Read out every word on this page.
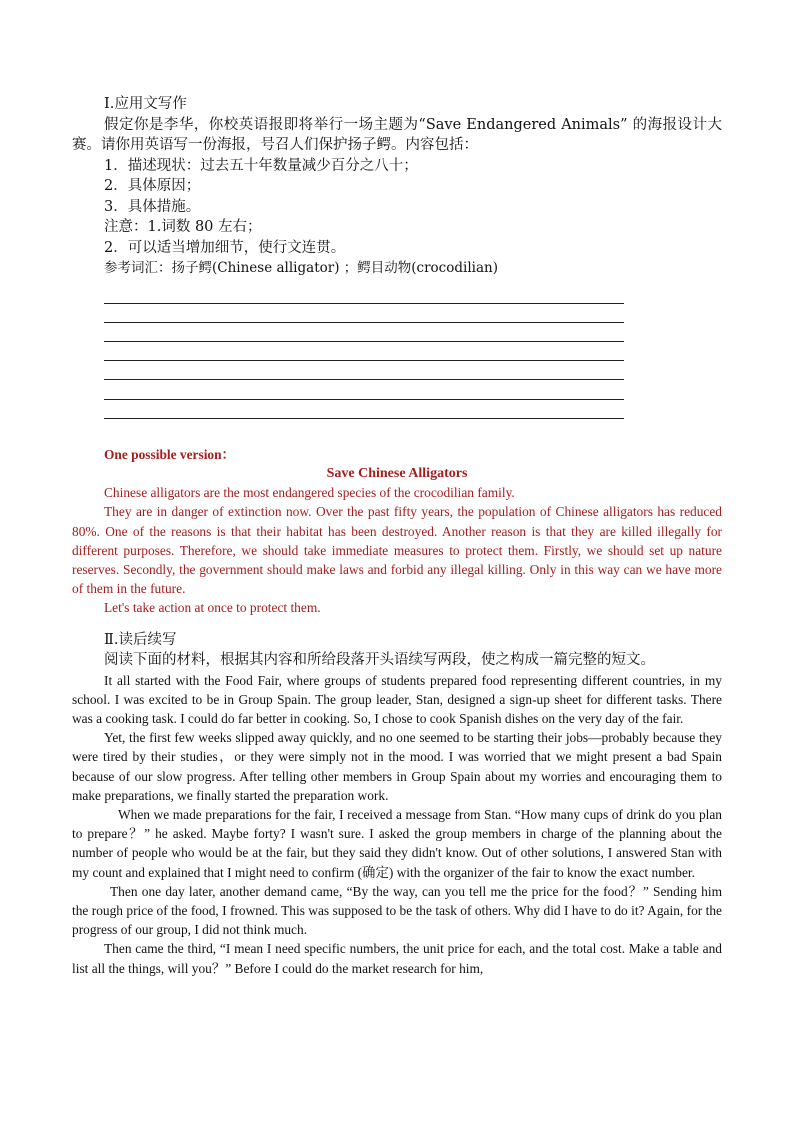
Ⅰ.应用文写作

假定你是李华，你校英语报即将举行一场主题为“Save Endangered Animals” 的海报设计大赛。请你用英语写一份海报，号召人们保护扬子鳄。内容包括：

1．描述现状：过去五十年数量减少百分之八十；

2．具体原因；

3．具体措施。

注意：1.词数 80 左右；

2．可以适当增加细节，使行文连贯。

参考词汇：扬子鳄(Chinese alligator) ；鳄目动物(crocodilian)

One possible version：

Save Chinese Alligators

Chinese alligators are the most endangered species of the crocodilian family.

They are in danger of extinction now. Over the past fifty years, the population of Chinese alligators has reduced 80%. One of the reasons is that their habitat has been destroyed. Another reason is that they are killed illegally for different purposes. Therefore, we should take immediate measures to protect them. Firstly, we should set up nature reserves. Secondly, the government should make laws and forbid any illegal killing. Only in this way can we have more of them in the future.

Let's take action at once to protect them.

Ⅱ.读后续写

阅读下面的材料，根据其内容和所给段落开头语续写两段，使之构成一篇完整的短文。

It all started with the Food Fair, where groups of students prepared food representing different countries, in my school. I was excited to be in Group Spain. The group leader, Stan, designed a sign-up sheet for different tasks. There was a cooking task. I could do far better in cooking. So, I chose to cook Spanish dishes on the very day of the fair.

Yet, the first few weeks slipped away quickly, and no one seemed to be starting their jobs—probably because they were tired by their studies，or they were simply not in the mood. I was worried that we might present a bad Spain because of our slow progress. After telling other members in Group Spain about my worries and encouraging them to make preparations, we finally started the preparation work.

When we made preparations for the fair, I received a message from Stan. “How many cups of drink do you plan to prepare？” he asked. Maybe forty? I wasn't sure. I asked the group members in charge of the planning about the number of people who would be at the fair, but they said they didn't know. Out of other solutions, I answered Stan with my count and explained that I might need to confirm (确定) with the organizer of the fair to know the exact number.

Then one day later, another demand came, “By the way, can you tell me the price for the food？” Sending him the rough price of the food, I frowned. This was supposed to be the task of others. Why did I have to do it? Again, for the progress of our group, I did not think much.

Then came the third, “I mean I need specific numbers, the unit price for each, and the total cost. Make a table and list all the things, will you？” Before I could do the market research for him,
